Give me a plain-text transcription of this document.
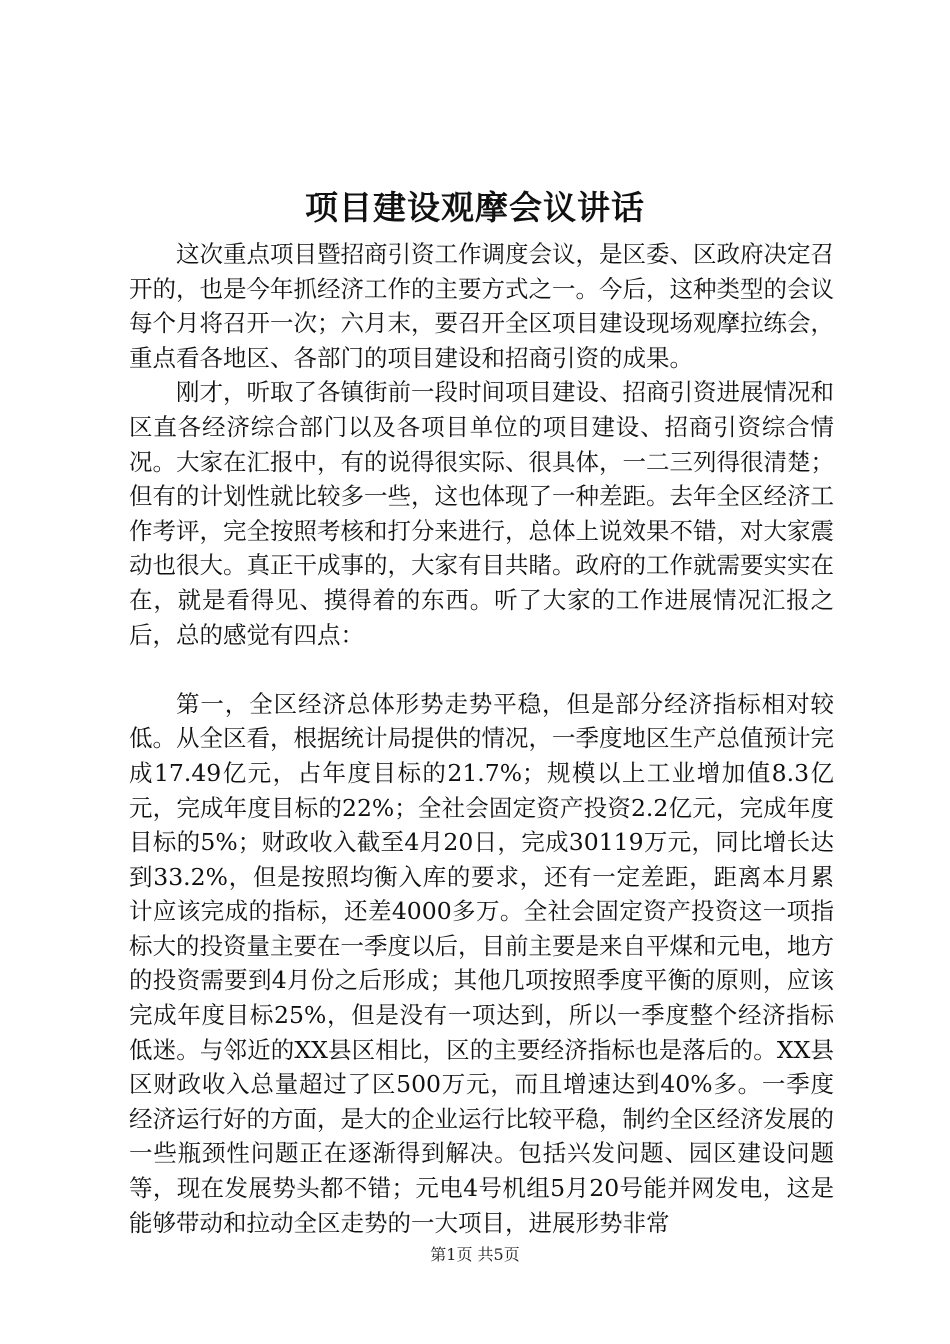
项目建设观摩会议讲话

这次重点项目暨招商引资工作调度会议，是区委、区政府决定召开的，也是今年抓经济工作的主要方式之一。今后，这种类型的会议每个月将召开一次；六月末，要召开全区项目建设现场观摩拉练会，重点看各地区、各部门的项目建设和招商引资的成果。

刚才，听取了各镇街前一段时间项目建设、招商引资进展情况和区直各经济综合部门以及各项目单位的项目建设、招商引资综合情况。大家在汇报中，有的说得很实际、很具体，一二三列得很清楚；但有的计划性就比较多一些，这也体现了一种差距。去年全区经济工作考评，完全按照考核和打分来进行，总体上说效果不错，对大家震动也很大。真正干成事的，大家有目共睹。政府的工作就需要实实在在，就是看得见、摸得着的东西。听了大家的工作进展情况汇报之后，总的感觉有四点：

第一，全区经济总体形势走势平稳，但是部分经济指标相对较低。从全区看，根据统计局提供的情况，一季度地区生产总值预计完成17.49亿元，占年度目标的21.7%；规模以上工业增加值8.3亿元，完成年度目标的22%；全社会固定资产投资2.2亿元，完成年度目标的5%；财政收入截至4月20日，完成30119万元，同比增长达到33.2%，但是按照均衡入库的要求，还有一定差距，距离本月累计应该完成的指标，还差4000多万。全社会固定资产投资这一项指标大的投资量主要在一季度以后，目前主要是来自平煤和元电，地方的投资需要到4月份之后形成；其他几项按照季度平衡的原则，应该完成年度目标25%，但是没有一项达到，所以一季度整个经济指标低迷。与邻近的XX县区相比，区的主要经济指标也是落后的。XX县区财政收入总量超过了区500万元，而且增速达到40%多。一季度经济运行好的方面，是大的企业运行比较平稳，制约全区经济发展的一些瓶颈性问题正在逐渐得到解决。包括兴发问题、园区建设问题等，现在发展势头都不错；元电4号机组5月20号能并网发电，这是能够带动和拉动全区走势的一大项目，进展形势非常

第1页 共5页
